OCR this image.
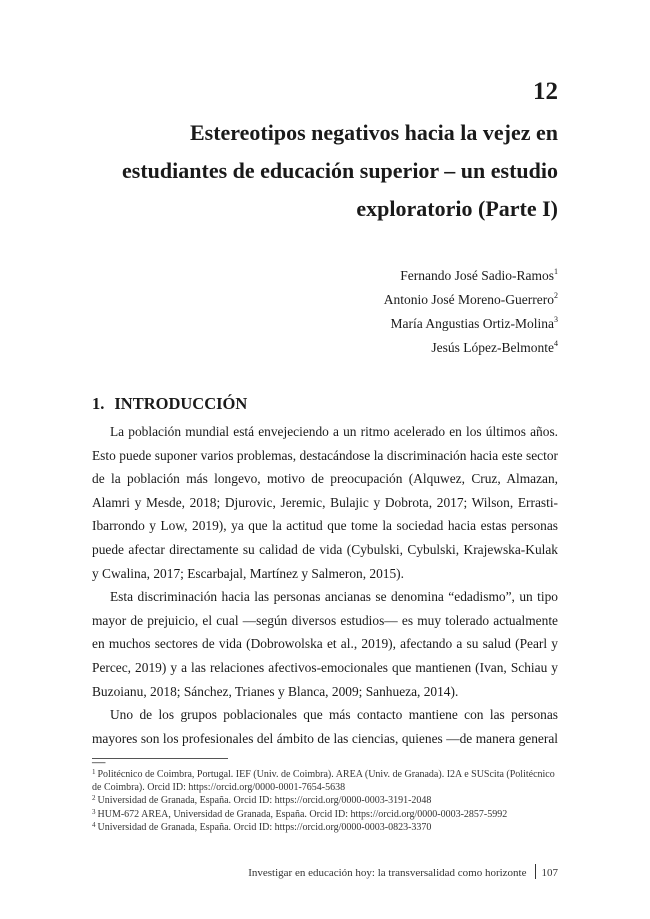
12
Estereotipos negativos hacia la vejez en
estudiantes de educación superior – un estudio
exploratorio (Parte I)
Fernando José Sadio-Ramos$^1$
Antonio José Moreno-Guerrero$^2$
María Angustias Ortiz-Molina$^3$
Jesús López-Belmonte$^4$
1. INTRODUCCIÓN

La población mundial está envejeciendo a un ritmo acelerado en los últimos años. Esto puede suponer varios problemas, destacándose la discriminación hacia este sector de la población más longevo, motivo de preocupación (Alquwez, Cruz, Almazan, Alamri y Mesde, 2018; Djurovic, Jeremic, Bulajic y Dobrota, 2017; Wilson, Errasti-Ibarrondo y Low, 2019), ya que la actitud que tome la sociedad hacia estas personas puede afectar directamente su calidad de vida (Cybulski, Cybulski, Krajewska-Kulak y Cwalina, 2017; Escarbajal, Martínez y Salmeron, 2015).

Esta discriminación hacia las personas ancianas se denomina “edadismo”, un tipo mayor de prejuicio, el cual —según diversos estudios— es muy tolerado actualmente en muchos sectores de vida (Dobrowolska et al., 2019), afectando a su salud (Pearl y Percec, 2019) y a las relaciones afectivos-emocionales que mantienen (Ivan, Schiau y Buzoianu, 2018; Sánchez, Trianes y Blanca, 2009; Sanhueza, 2014).

Uno de los grupos poblacionales que más contacto mantiene con las personas mayores son los profesionales del ámbito de las ciencias, quienes —de manera general—

$^1$ Politécnico de Coimbra, Portugal. IEF (Univ. de Coimbra). AREA (Univ. de Granada). I2A e SUScita (Politécnico de Coimbra). Orcid ID: https://orcid.org/0000-0001-7654-5638
$^2$ Universidad de Granada, España. Orcid ID: https://orcid.org/0000-0003-3191-2048
$^3$ HUM-672 AREA, Universidad de Granada, España. Orcid ID: https://orcid.org/0000-0003-2857-5992
$^4$ Universidad de Granada, España. Orcid ID: https://orcid.org/0000-0003-0823-3370
Investigar en educación hoy: la transversalidad como horizonte 107
